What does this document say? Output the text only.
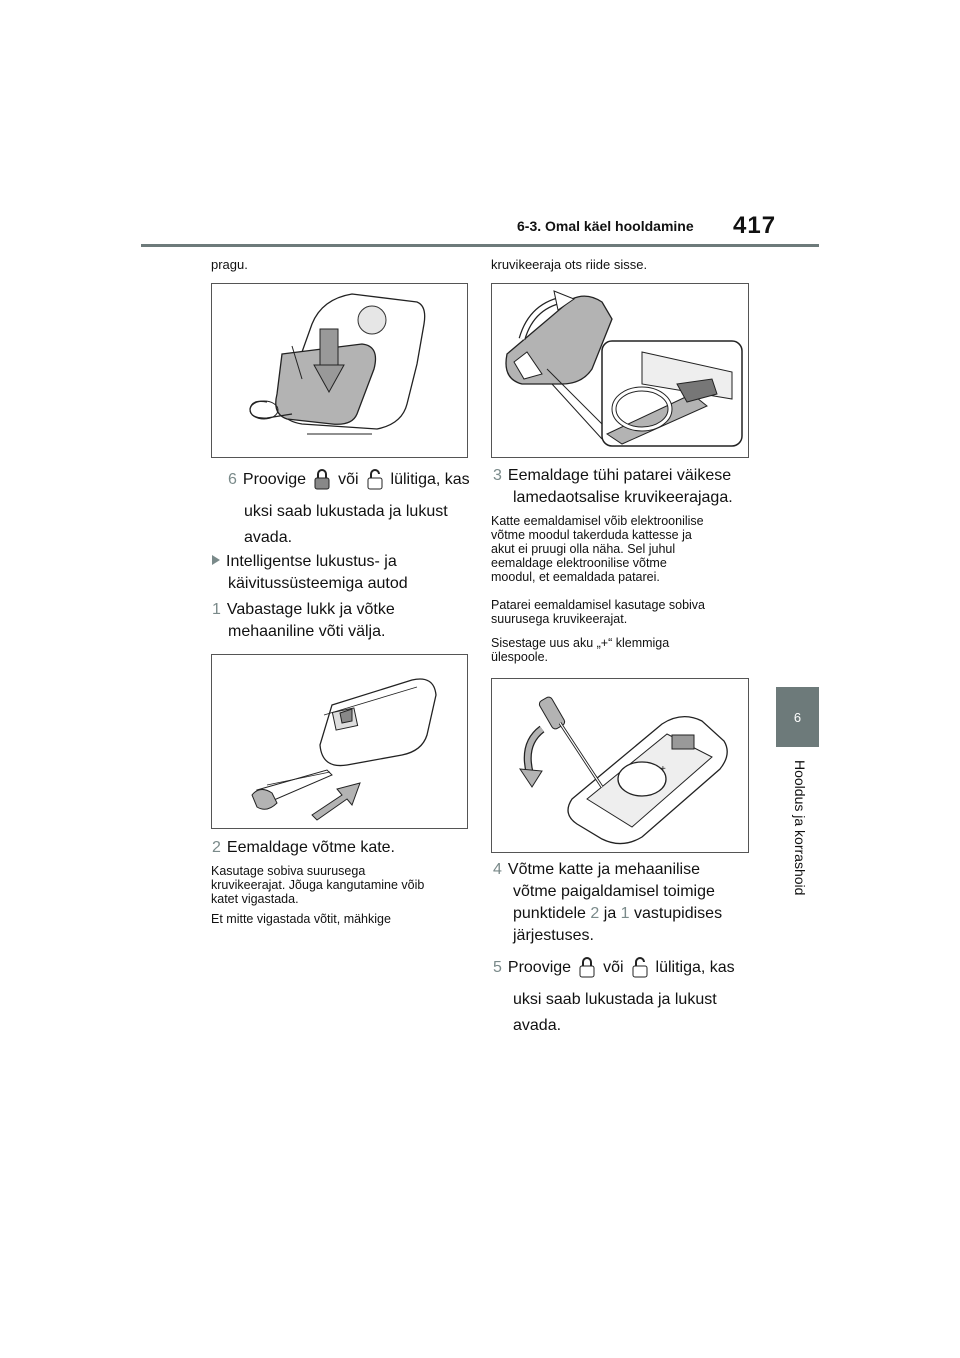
6-3. Omal käel hooldamine 417
6
Hooldus ja korrashoid
pragu.
6 Proovige või lülitiga, kas
uksi saab lukustada ja lukust
avada.
Intelligentse lukustus- ja
käivitussüsteemiga autod
1 Vabastage lukk ja võtke
mehaaniline võti välja.
2 Eemaldage võtme kate.
Kasutage sobiva suurusega
kruvikeerajat. Jõuga kangutamine võib
katet vigastada.
Et mitte vigastada võtit, mähkige
kruvikeeraja ots riide sisse.
3 Eemaldage tühi patarei väikese
lamedaotsalise kruvikeerajaga.
Katte eemaldamisel võib elektroonilise
võtme moodul takerduda kattesse ja
akut ei pruugi olla näha. Sel juhul
eemaldage elektroonilise võtme
moodul, et eemaldada patarei.
Patarei eemaldamisel kasutage sobiva
suurusega kruvikeerajat.
Sisestage uus aku „+“ klemmiga
ülespoole.
+
4 Võtme katte ja mehaanilise
võtme paigaldamisel toimige
punktidele 2 ja 1 vastupidises
järjestuses.
5 Proovige või lülitiga, kas
uksi saab lukustada ja lukust
avada.
